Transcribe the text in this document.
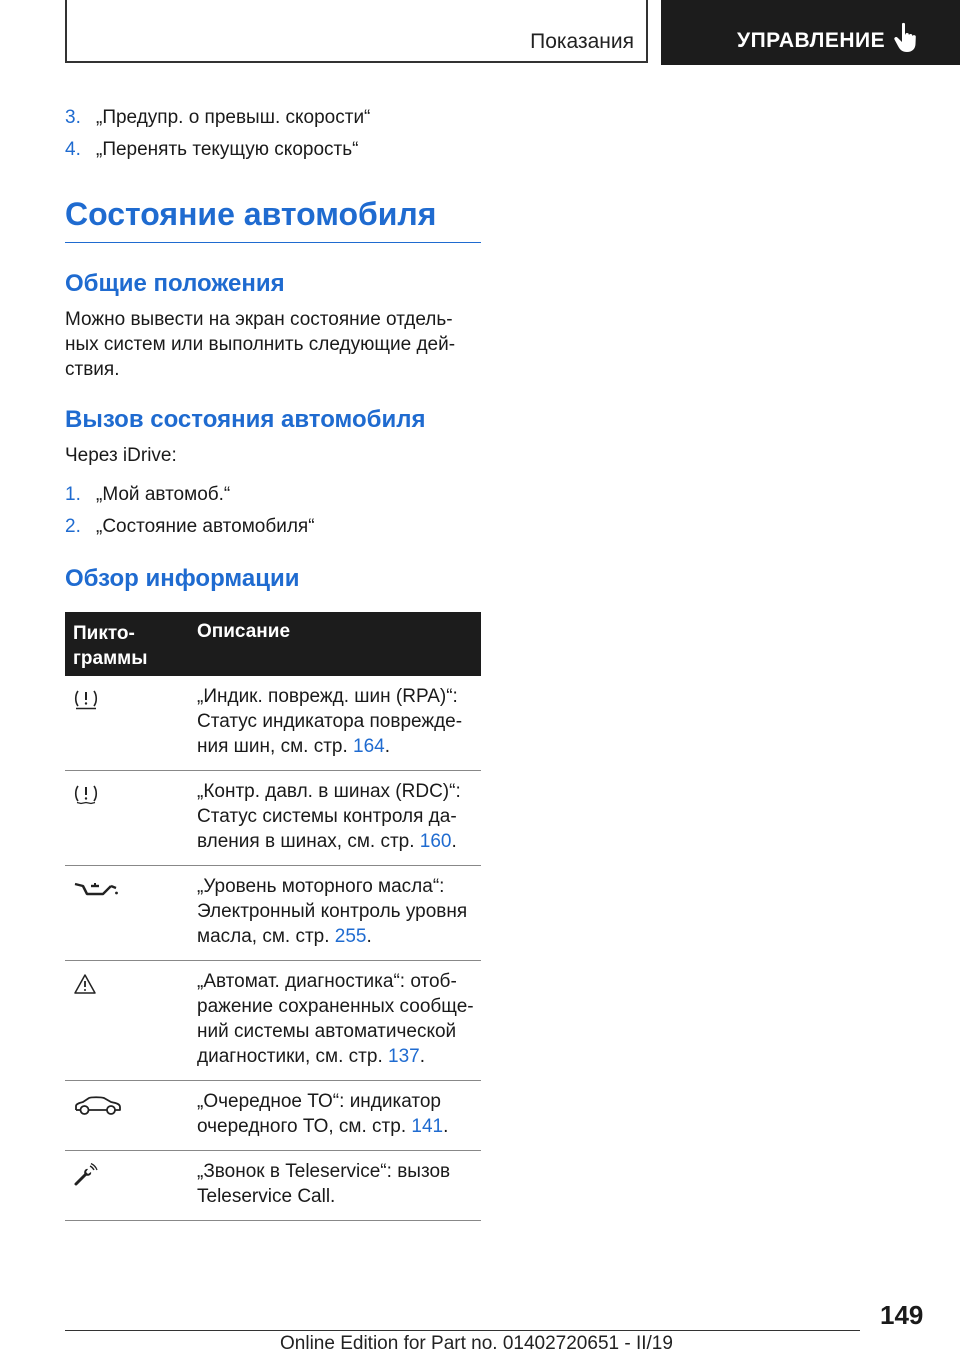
Показания	УПРАВЛЕНИЕ
3. „Предупр. о превыш. скорости“
4. „Перенять текущую скорость“
Состояние автомобиля
Общие положения
Можно вывести на экран состояние отдель-
ных систем или выполнить следующие дей-
ствия.
Вызов состояния автомобиля
Через iDrive:
1. „Мой автомоб.“
2. „Состояние автомобиля“
Обзор информации
Пикто-
граммы
Описание
„Индик. поврежд. шин (RPA)“:
Статус индикатора поврежде-
ния шин, см. стр. 164.
„Контр. давл. в шинах (RDC)“:
Статус системы контроля да-
вления в шинах, см. стр. 160.
„Уровень моторного масла“:
Электронный контроль уровня
масла, см. стр. 255.
„Автомат. диагностика“: отоб-
ражение сохраненных сообще-
ний системы автоматической
диагностики, см. стр. 137.
„Очередное ТО“: индикатор
очередного ТО, см. стр. 141.
„Звонок в Teleservice“: вызов
Teleservice Call.
149
Online Edition for Part no. 01402720651 - II/19
